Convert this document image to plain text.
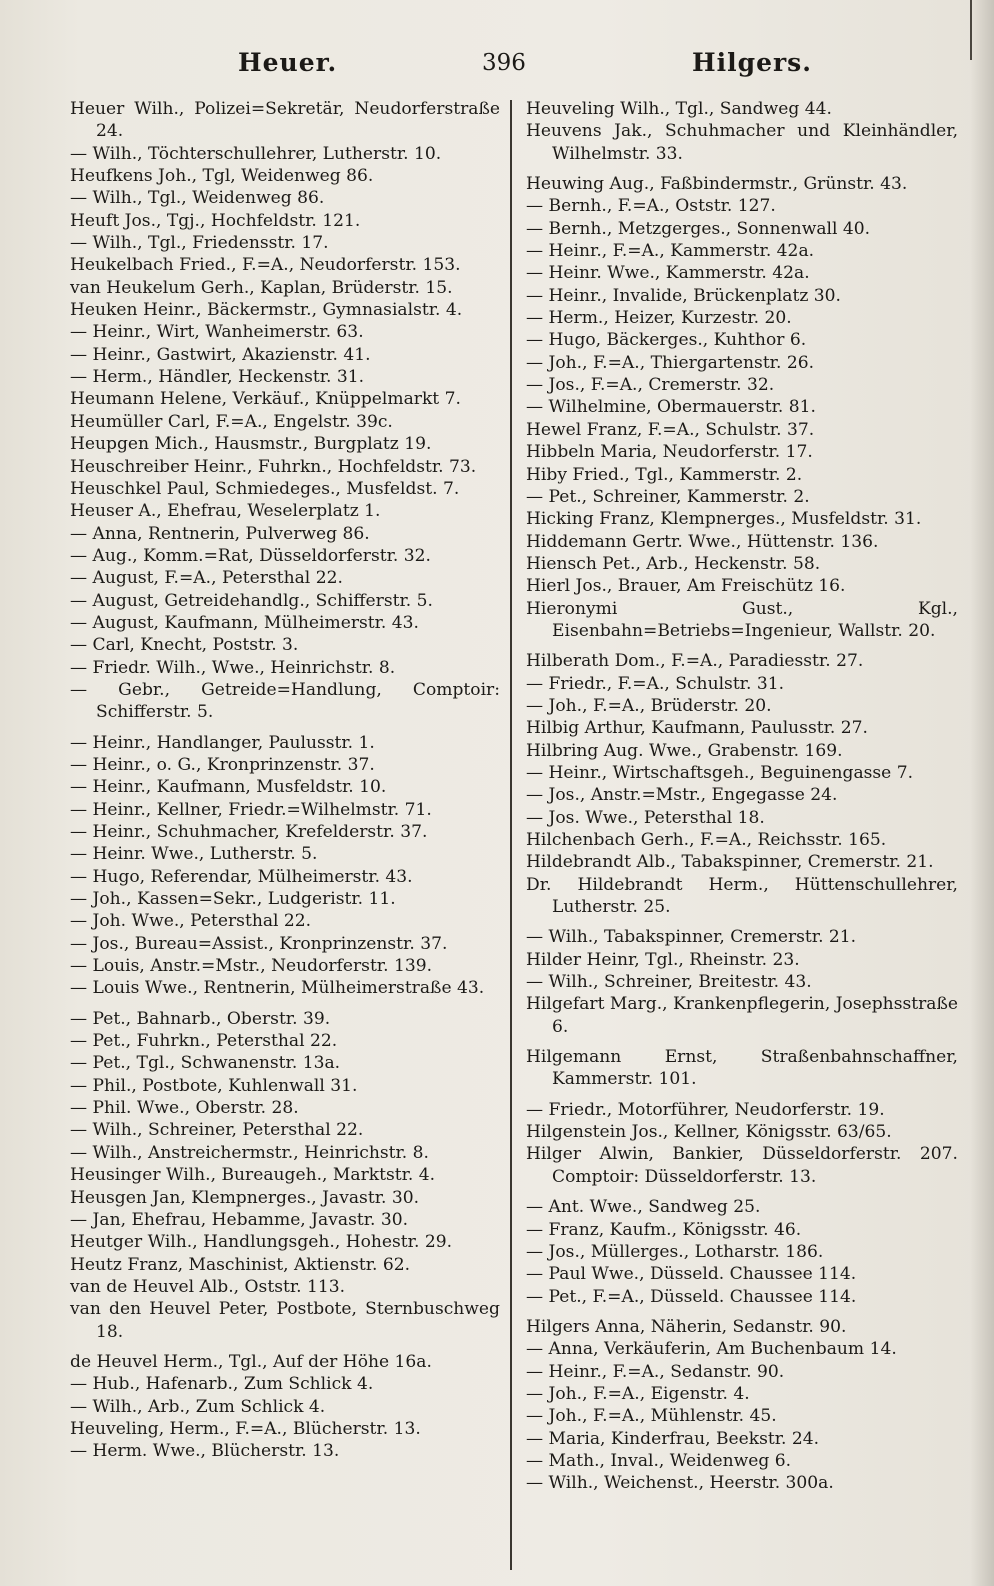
Heuer.	396	Hilgers.
Heuer Wilh., Polizei=Sekretär, Neudorferstraße 24.
— Wilh., Töchterschullehrer, Lutherstr. 10.
Heufkens Joh., Tgl, Weidenweg 86.
— Wilh., Tgl., Weidenweg 86.
Heuft Jos., Tgj., Hochfeldstr. 121.
— Wilh., Tgl., Friedensstr. 17.
Heukelbach Fried., F.=A., Neudorferstr. 153.
van Heukelum Gerh., Kaplan, Brüderstr. 15.
Heuken Heinr., Bäckermstr., Gymnasialstr. 4.
— Heinr., Wirt, Wanheimerstr. 63.
— Heinr., Gastwirt, Akazienstr. 41.
— Herm., Händler, Heckenstr. 31.
Heumann Helene, Verkäuf., Knüppelmarkt 7.
Heumüller Carl, F.=A., Engelstr. 39c.
Heupgen Mich., Hausmstr., Burgplatz 19.
Heuschreiber Heinr., Fuhrkn., Hochfeldstr. 73.
Heuschkel Paul, Schmiedeges., Musfeldst. 7.
Heuser A., Ehefrau, Weselerplatz 1.
— Anna, Rentnerin, Pulverweg 86.
— Aug., Komm.=Rat, Düsseldorferstr. 32.
— August, F.=A., Petersthal 22.
— August, Getreidehandlg., Schifferstr. 5.
— August, Kaufmann, Mülheimerstr. 43.
— Carl, Knecht, Poststr. 3.
— Friedr. Wilh., Wwe., Heinrichstr. 8.
— Gebr., Getreide=Handlung, Comptoir: Schifferstr. 5.
— Heinr., Handlanger, Paulusstr. 1.
— Heinr., o. G., Kronprinzenstr. 37.
— Heinr., Kaufmann, Musfeldstr. 10.
— Heinr., Kellner, Friedr.=Wilhelmstr. 71.
— Heinr., Schuhmacher, Krefelderstr. 37.
— Heinr. Wwe., Lutherstr. 5.
— Hugo, Referendar, Mülheimerstr. 43.
— Joh., Kassen=Sekr., Ludgeristr. 11.
— Joh. Wwe., Petersthal 22.
— Jos., Bureau=Assist., Kronprinzenstr. 37.
— Louis, Anstr.=Mstr., Neudorferstr. 139.
— Louis Wwe., Rentnerin, Mülheimerstraße 43.
— Pet., Bahnarb., Oberstr. 39.
— Pet., Fuhrkn., Petersthal 22.
— Pet., Tgl., Schwanenstr. 13a.
— Phil., Postbote, Kuhlenwall 31.
— Phil. Wwe., Oberstr. 28.
— Wilh., Schreiner, Petersthal 22.
— Wilh., Anstreichermstr., Heinrichstr. 8.
Heusinger Wilh., Bureaugeh., Marktstr. 4.
Heusgen Jan, Klempnerges., Javastr. 30.
— Jan, Ehefrau, Hebamme, Javastr. 30.
Heutger Wilh., Handlungsgeh., Hohestr. 29.
Heutz Franz, Maschinist, Aktienstr. 62.
van de Heuvel Alb., Oststr. 113.
van den Heuvel Peter, Postbote, Sternbuschweg 18.
de Heuvel Herm., Tgl., Auf der Höhe 16a.
— Hub., Hafenarb., Zum Schlick 4.
— Wilh., Arb., Zum Schlick 4.
Heuveling, Herm., F.=A., Blücherstr. 13.
— Herm. Wwe., Blücherstr. 13.
Heuveling Wilh., Tgl., Sandweg 44.
Heuvens Jak., Schuhmacher und Kleinhändler, Wilhelmstr. 33.
Heuwing Aug., Faßbindermstr., Grünstr. 43.
— Bernh., F.=A., Oststr. 127.
— Bernh., Metzgerges., Sonnenwall 40.
— Heinr., F.=A., Kammerstr. 42a.
— Heinr. Wwe., Kammerstr. 42a.
— Heinr., Invalide, Brückenplatz 30.
— Herm., Heizer, Kurzestr. 20.
— Hugo, Bäckerges., Kuhthor 6.
— Joh., F.=A., Thiergartenstr. 26.
— Jos., F.=A., Cremerstr. 32.
— Wilhelmine, Obermauerstr. 81.
Hewel Franz, F.=A., Schulstr. 37.
Hibbeln Maria, Neudorferstr. 17.
Hiby Fried., Tgl., Kammerstr. 2.
— Pet., Schreiner, Kammerstr. 2.
Hicking Franz, Klempnerges., Musfeldstr. 31.
Hiddemann Gertr. Wwe., Hüttenstr. 136.
Hiensch Pet., Arb., Heckenstr. 58.
Hierl Jos., Brauer, Am Freischütz 16.
Hieronymi Gust., Kgl., Eisenbahn=Betriebs=Ingenieur, Wallstr. 20.
Hilberath Dom., F.=A., Paradiesstr. 27.
— Friedr., F.=A., Schulstr. 31.
— Joh., F.=A., Brüderstr. 20.
Hilbig Arthur, Kaufmann, Paulusstr. 27.
Hilbring Aug. Wwe., Grabenstr. 169.
— Heinr., Wirtschaftsgeh., Beguinengasse 7.
— Jos., Anstr.=Mstr., Engegasse 24.
— Jos. Wwe., Petersthal 18.
Hilchenbach Gerh., F.=A., Reichsstr. 165.
Hildebrandt Alb., Tabakspinner, Cremerstr. 21.
Dr. Hildebrandt Herm., Hüttenschullehrer, Lutherstr. 25.
— Wilh., Tabakspinner, Cremerstr. 21.
Hilder Heinr, Tgl., Rheinstr. 23.
— Wilh., Schreiner, Breitestr. 43.
Hilgefart Marg., Krankenpflegerin, Josephsstraße 6.
Hilgemann Ernst, Straßenbahnschaffner, Kammerstr. 101.
— Friedr., Motorführer, Neudorferstr. 19.
Hilgenstein Jos., Kellner, Königsstr. 63/65.
Hilger Alwin, Bankier, Düsseldorferstr. 207. Comptoir: Düsseldorferstr. 13.
— Ant. Wwe., Sandweg 25.
— Franz, Kaufm., Königsstr. 46.
— Jos., Müllerges., Lotharstr. 186.
— Paul Wwe., Düsseld. Chaussee 114.
— Pet., F.=A., Düsseld. Chaussee 114.
Hilgers Anna, Näherin, Sedanstr. 90.
— Anna, Verkäuferin, Am Buchenbaum 14.
— Heinr., F.=A., Sedanstr. 90.
— Joh., F.=A., Eigenstr. 4.
— Joh., F.=A., Mühlenstr. 45.
— Maria, Kinderfrau, Beekstr. 24.
— Math., Inval., Weidenweg 6.
— Wilh., Weichenst., Heerstr. 300a.
